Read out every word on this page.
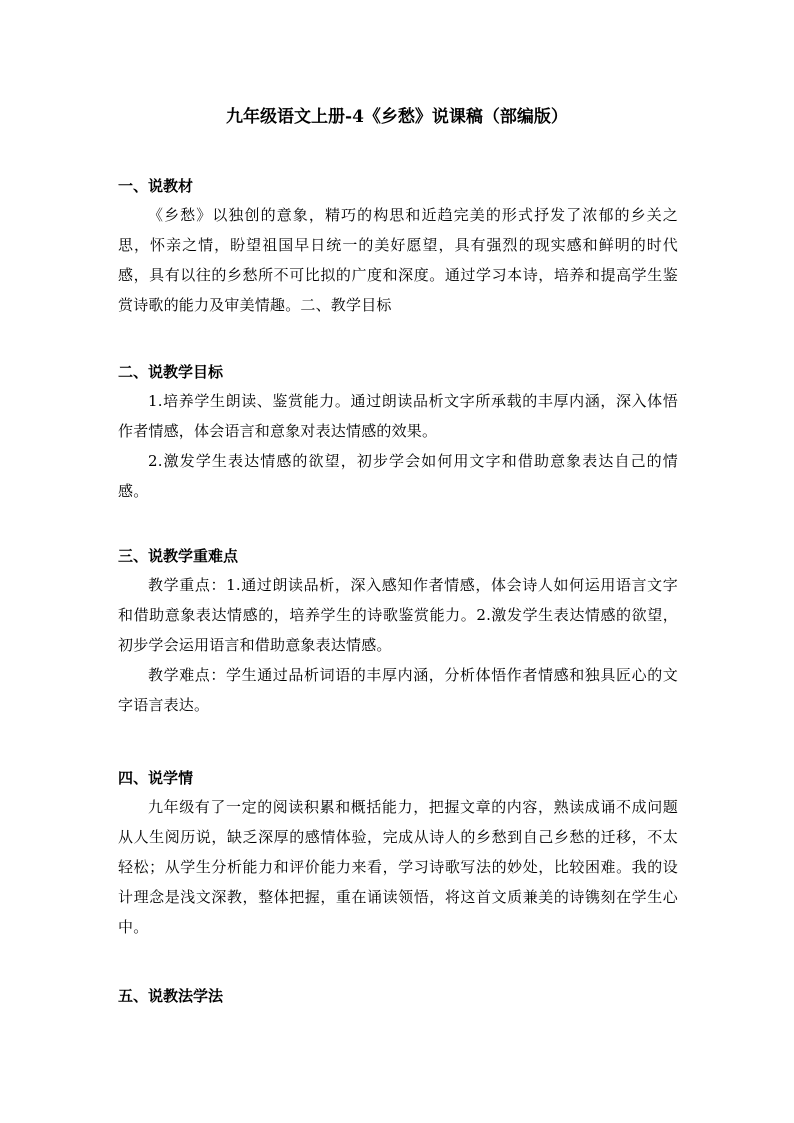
九年级语文上册-4《乡愁》说课稿（部编版）

一、说教材

《乡愁》以独创的意象，精巧的构思和近趋完美的形式抒发了浓郁的乡关之思，怀亲之情，盼望祖国早日统一的美好愿望，具有强烈的现实感和鲜明的时代感，具有以往的乡愁所不可比拟的广度和深度。通过学习本诗，培养和提高学生鉴赏诗歌的能力及审美情趣。二、教学目标

二、说教学目标

1.培养学生朗读、鉴赏能力。通过朗读品析文字所承载的丰厚内涵，深入体悟作者情感，体会语言和意象对表达情感的效果。

2.激发学生表达情感的欲望，初步学会如何用文字和借助意象表达自己的情感。

三、说教学重难点

教学重点：1.通过朗读品析，深入感知作者情感，体会诗人如何运用语言文字和借助意象表达情感的，培养学生的诗歌鉴赏能力。2.激发学生表达情感的欲望，初步学会运用语言和借助意象表达情感。

教学难点：学生通过品析词语的丰厚内涵，分析体悟作者情感和独具匠心的文字语言表达。

四、说学情

九年级有了一定的阅读积累和概括能力，把握文章的内容，熟读成诵不成问题 从人生阅历说，缺乏深厚的感情体验，完成从诗人的乡愁到自己乡愁的迁移，不太轻松；从学生分析能力和评价能力来看，学习诗歌写法的妙处，比较困难。我的设计理念是浅文深教，整体把握，重在诵读领悟，将这首文质兼美的诗镌刻在学生心中。

五、说教法学法
